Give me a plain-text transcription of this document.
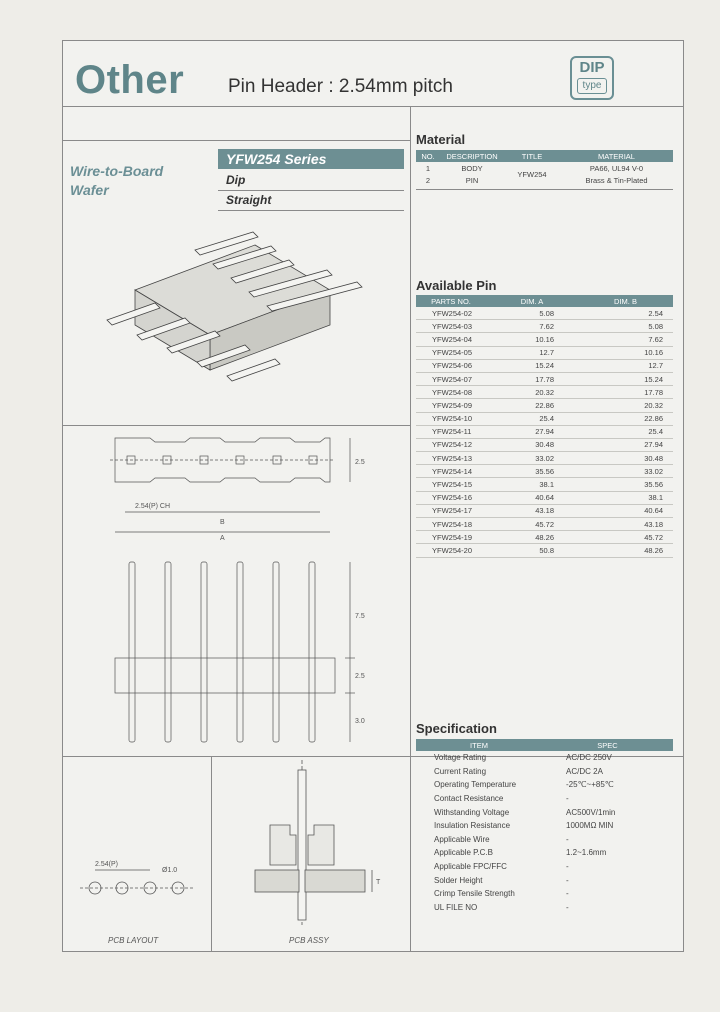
Other Pin Header : 2.54mm pitch
DIP
type
Wire-to-Board
Wafer
YFW254 Series
Dip
Straight
2.5
2.54(P) CH
B
A
7.5
2.5
3.0
2.54(P)
Ø1.0
PCB LAYOUT
T
PCB ASSY
Material
NO.	DESCRIPTION	TITLE	MATERIAL
1	BODY	YFW254	PA66, UL94 V-0
2	PIN		Brass & Tin-Plated
Available Pin
PARTS NO.	DIM. A	DIM. B
YFW254-02	5.08	2.54
YFW254-03	7.62	5.08
YFW254-04	10.16	7.62
YFW254-05	12.7	10.16
YFW254-06	15.24	12.7
YFW254-07	17.78	15.24
YFW254-08	20.32	17.78
YFW254-09	22.86	20.32
YFW254-10	25.4	22.86
YFW254-11	27.94	25.4
YFW254-12	30.48	27.94
YFW254-13	33.02	30.48
YFW254-14	35.56	33.02
YFW254-15	38.1	35.56
YFW254-16	40.64	38.1
YFW254-17	43.18	40.64
YFW254-18	45.72	43.18
YFW254-19	48.26	45.72
YFW254-20	50.8	48.26
Specification
ITEM	SPEC
Voltage Rating	AC/DC 250V
Current Rating	AC/DC 2A
Operating Temperature	-25℃~+85℃
Contact Resistance	-
Withstanding Voltage	AC500V/1min
Insulation Resistance	1000MΩ MIN
Applicable Wire	-
Applicable P.C.B	1.2~1.6mm
Applicable FPC/FFC	-
Solder Height	-
Crimp Tensile Strength	-
UL FILE NO	-
